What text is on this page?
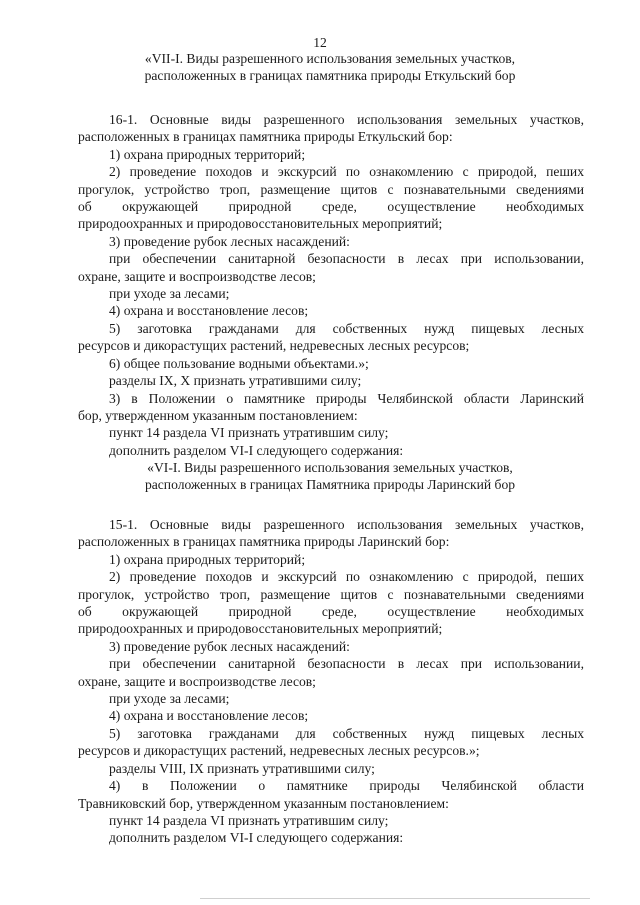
12
«VII-I. Виды разрешенного использования земельных участков,
расположенных в границах памятника природы Еткульский бор

16-1. Основные виды разрешенного использования земельных участков,

расположенных в границах памятника природы Еткульский бор:

1) охрана природных территорий;

2) проведение походов и экскурсий по ознакомлению с природой, пеших

прогулок, устройство троп, размещение щитов с познавательными сведениями

об окружающей природной среде, осуществление необходимых

природоохранных и природовосстановительных мероприятий;

3) проведение рубок лесных насаждений:

при обеспечении санитарной безопасности в лесах при использовании,

охране, защите и воспроизводстве лесов;

при уходе за лесами;

4) охрана и восстановление лесов;

5) заготовка гражданами для собственных нужд пищевых лесных

ресурсов и дикорастущих растений, недревесных лесных ресурсов;

6) общее пользование водными объектами.»;

разделы IX, X признать утратившими силу;

3) в Положении о памятнике природы Челябинской области Ларинский

бор, утвержденном указанным постановлением:

пункт 14 раздела VI признать утратившим силу;

дополнить разделом VI-I следующего содержания:

«VI-I. Виды разрешенного использования земельных участков,
расположенных в границах Памятника природы Ларинский бор

15-1. Основные виды разрешенного использования земельных участков,

расположенных в границах памятника природы Ларинский бор:

1) охрана природных территорий;

2) проведение походов и экскурсий по ознакомлению с природой, пеших

прогулок, устройство троп, размещение щитов с познавательными сведениями

об окружающей природной среде, осуществление необходимых

природоохранных и природовосстановительных мероприятий;

3) проведение рубок лесных насаждений:

при обеспечении санитарной безопасности в лесах при использовании,

охране, защите и воспроизводстве лесов;

при уходе за лесами;

4) охрана и восстановление лесов;

5) заготовка гражданами для собственных нужд пищевых лесных

ресурсов и дикорастущих растений, недревесных лесных ресурсов.»;

разделы VIII, IX признать утратившими силу;

4) в Положении о памятнике природы Челябинской области

Травниковский бор, утвержденном указанным постановлением:

пункт 14 раздела VI признать утратившим силу;

дополнить разделом VI-I следующего содержания:
